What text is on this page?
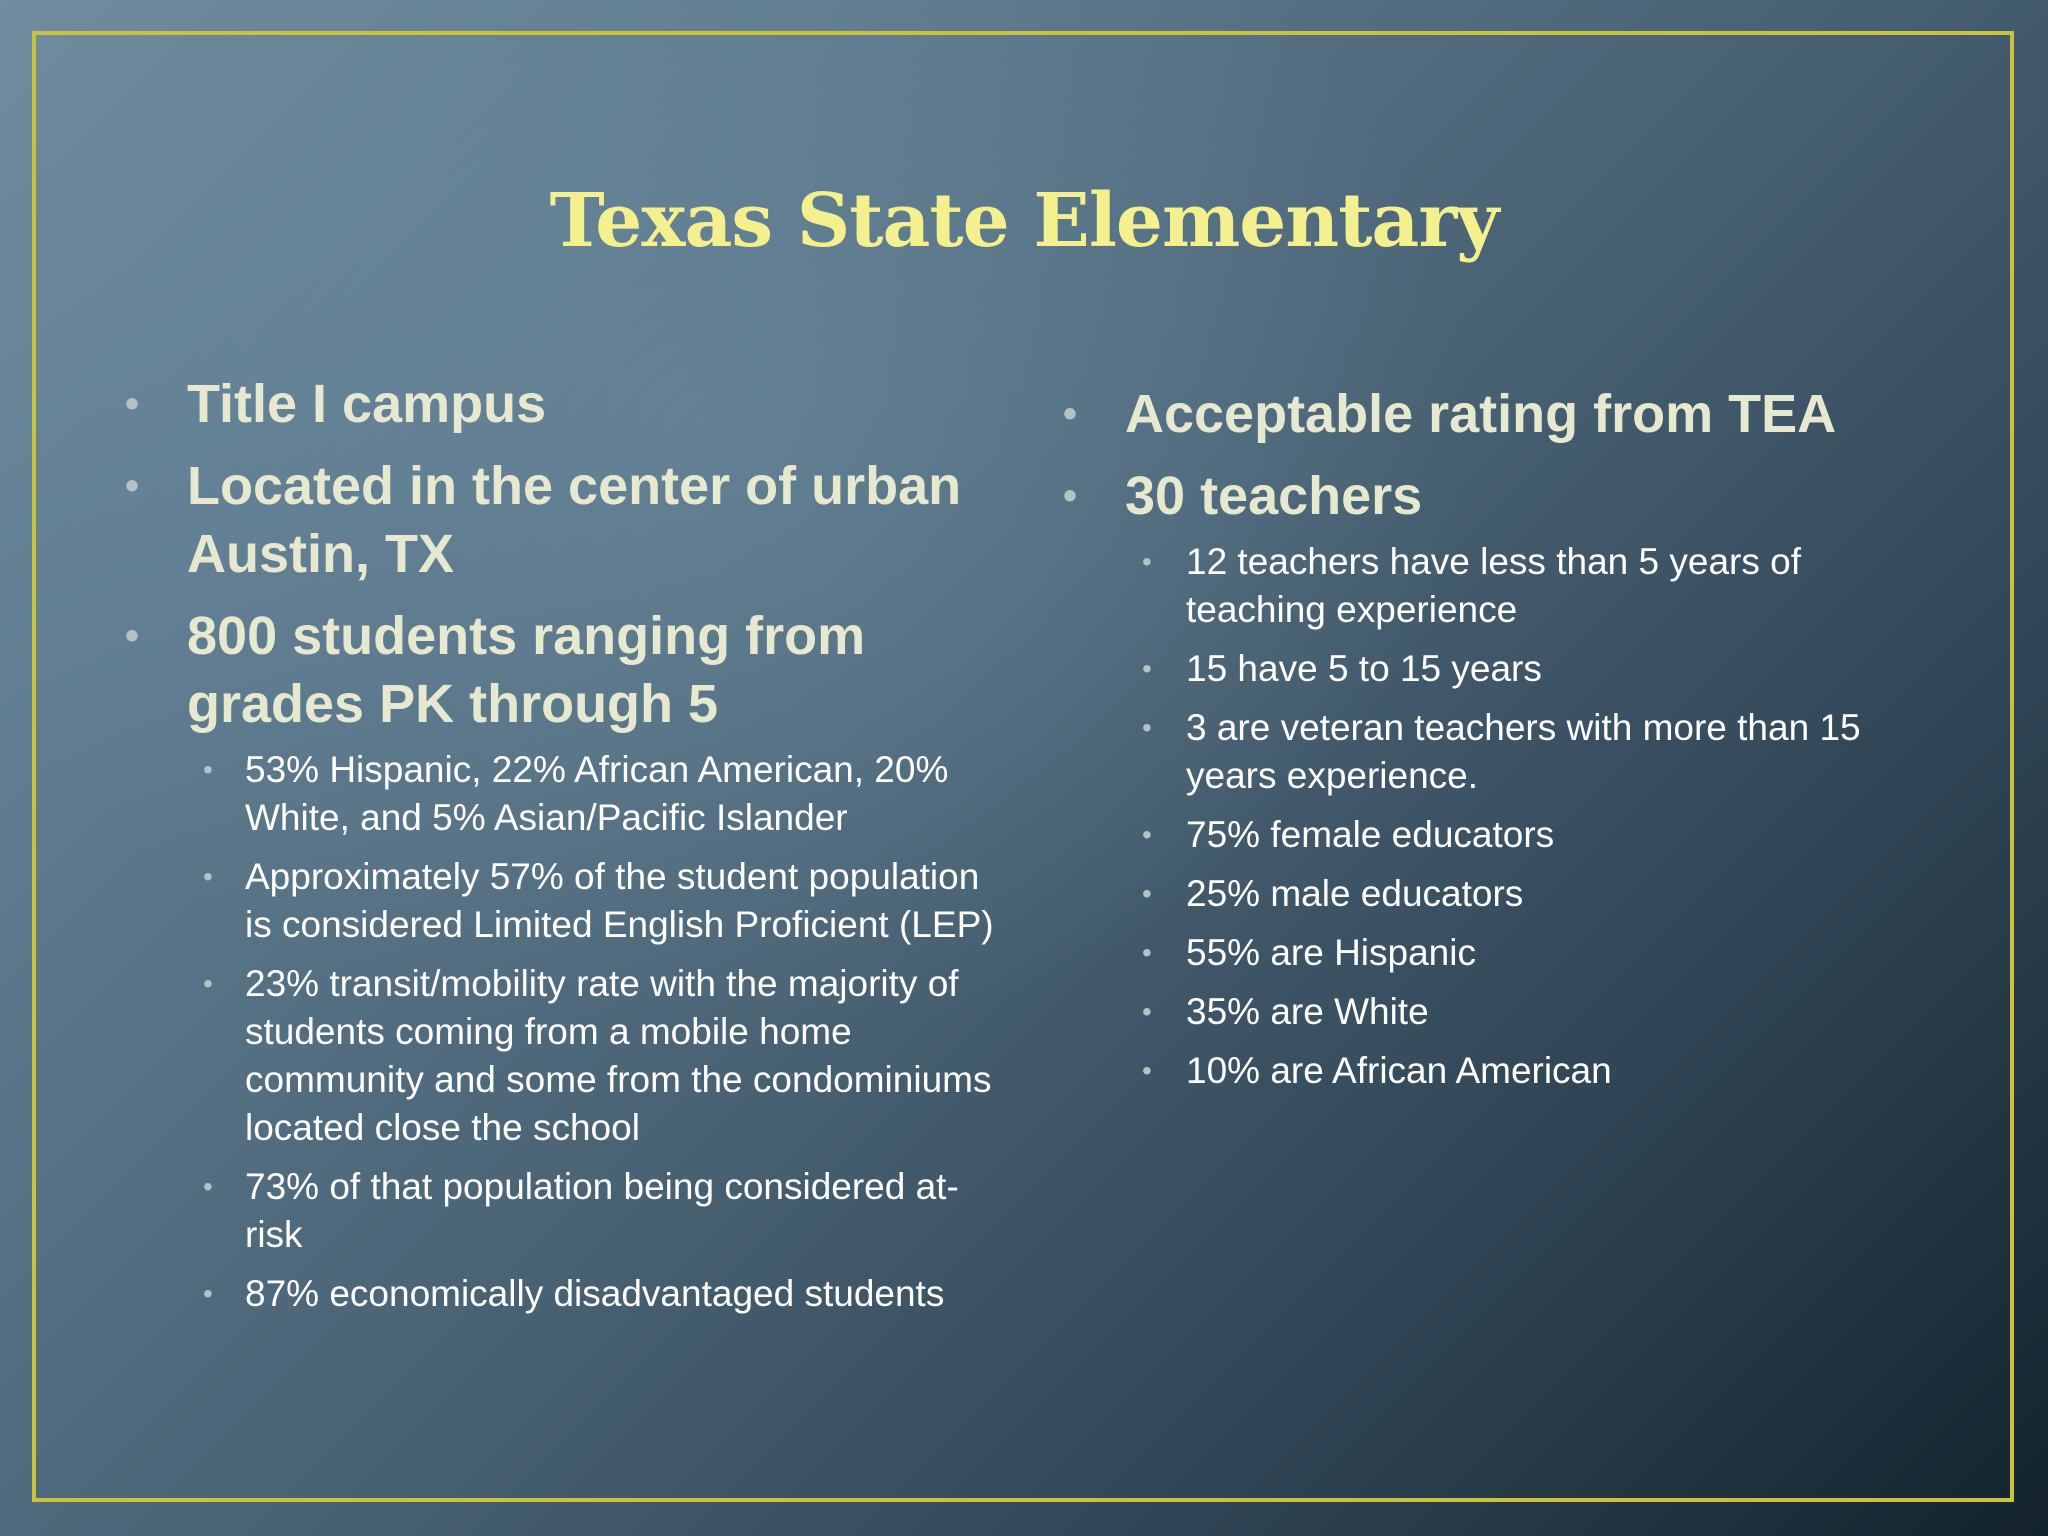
Texas State Elementary
• Title I campus
• Located in the center of urban Austin, TX
• 800 students ranging from grades PK through 5
• 53% Hispanic, 22% African American, 20% White, and 5% Asian/Pacific Islander
• Approximately 57% of the student population is considered Limited English Proficient (LEP)
• 23% transit/mobility rate with the majority of students coming from a mobile home community and some from the condominiums located close the school
• 73% of that population being considered at-risk
• 87% economically disadvantaged students
• Acceptable rating from TEA
• 30 teachers
• 12 teachers have less than 5 years of teaching experience
• 15 have 5 to 15 years
• 3 are veteran teachers with more than 15 years experience.
• 75% female educators
• 25% male educators
• 55% are Hispanic
• 35% are White
• 10% are African American
